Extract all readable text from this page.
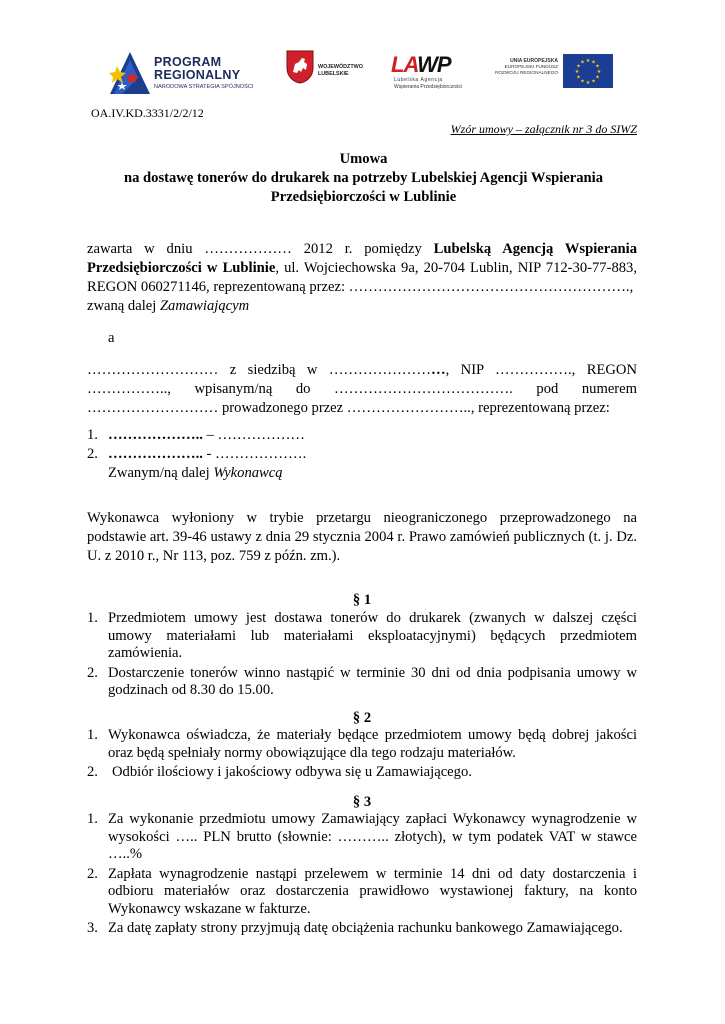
PROGRAM
REGIONALNY
NARODOWA STRATEGIA SPÓJNOŚCI
WOJEWÓDZTWO
LUBELSKIE	LAWP
Lubelska Agencja
Wspierania Przedsiębiorczości
UNIA EUROPEJSKA
EUROPEJSKI FUNDUSZ
ROZWOJU REGIONALNEGO
★ ★
★
★
★
★
★
★
★
★
★
★
OA.IV.KD.3331/2/2/12
Wzór umowy – załącznik nr 3 do SIWZ
Umowa
na dostawę tonerów do drukarek na potrzeby Lubelskiej Agencji Wspierania
Przedsiębiorczości w Lublinie
zawarta w dniu ……………… 2012 r. pomiędzy Lubelską Agencją Wspierania Przedsiębiorczości w Lublinie, ul. Wojciechowska 9a, 20-704 Lublin, NIP 712-30-77-883, REGON 060271146, reprezentowaną przez: ………………………………………………….,
zwaną dalej Zamawiającym
a
……………………… z siedzibą w ……………………, NIP ……………., REGON
…………….., wpisanym/ną do ………………………………. pod numerem
……………………… prowadzonego przez …………………….., reprezentowaną przez:
1. ……………….. – ………………
2. ……………….. - ……………….
Zwanym/ną dalej Wykonawcą
Wykonawca wyłoniony w trybie przetargu nieograniczonego przeprowadzonego na podstawie art. 39-46 ustawy z dnia 29 stycznia 2004 r. Prawo zamówień publicznych (t. j. Dz. U. z 2010 r., Nr 113, poz. 759 z późn. zm.).
§ 1
1. Przedmiotem umowy jest dostawa tonerów do drukarek (zwanych w dalszej części umowy materiałami lub materiałami eksploatacyjnymi) będących przedmiotem zamówienia.
2. Dostarczenie tonerów winno nastąpić w terminie 30 dni od dnia podpisania umowy w godzinach od 8.30 do 15.00.
§ 2
1. Wykonawca oświadcza, że materiały będące przedmiotem umowy będą dobrej jakości oraz będą spełniały normy obowiązujące dla tego rodzaju materiałów.
2. Odbiór ilościowy i jakościowy odbywa się u Zamawiającego.
§ 3
1. Za wykonanie przedmiotu umowy Zamawiający zapłaci Wykonawcy wynagrodzenie w wysokości ….. PLN brutto (słownie: ……….. złotych), w tym podatek VAT w stawce …..%
2. Zapłata wynagrodzenie nastąpi przelewem w terminie 14 dni od daty dostarczenia i odbioru materiałów oraz dostarczenia prawidłowo wystawionej faktury, na konto Wykonawcy wskazane w fakturze.
3. Za datę zapłaty strony przyjmują datę obciążenia rachunku bankowego Zamawiającego.
